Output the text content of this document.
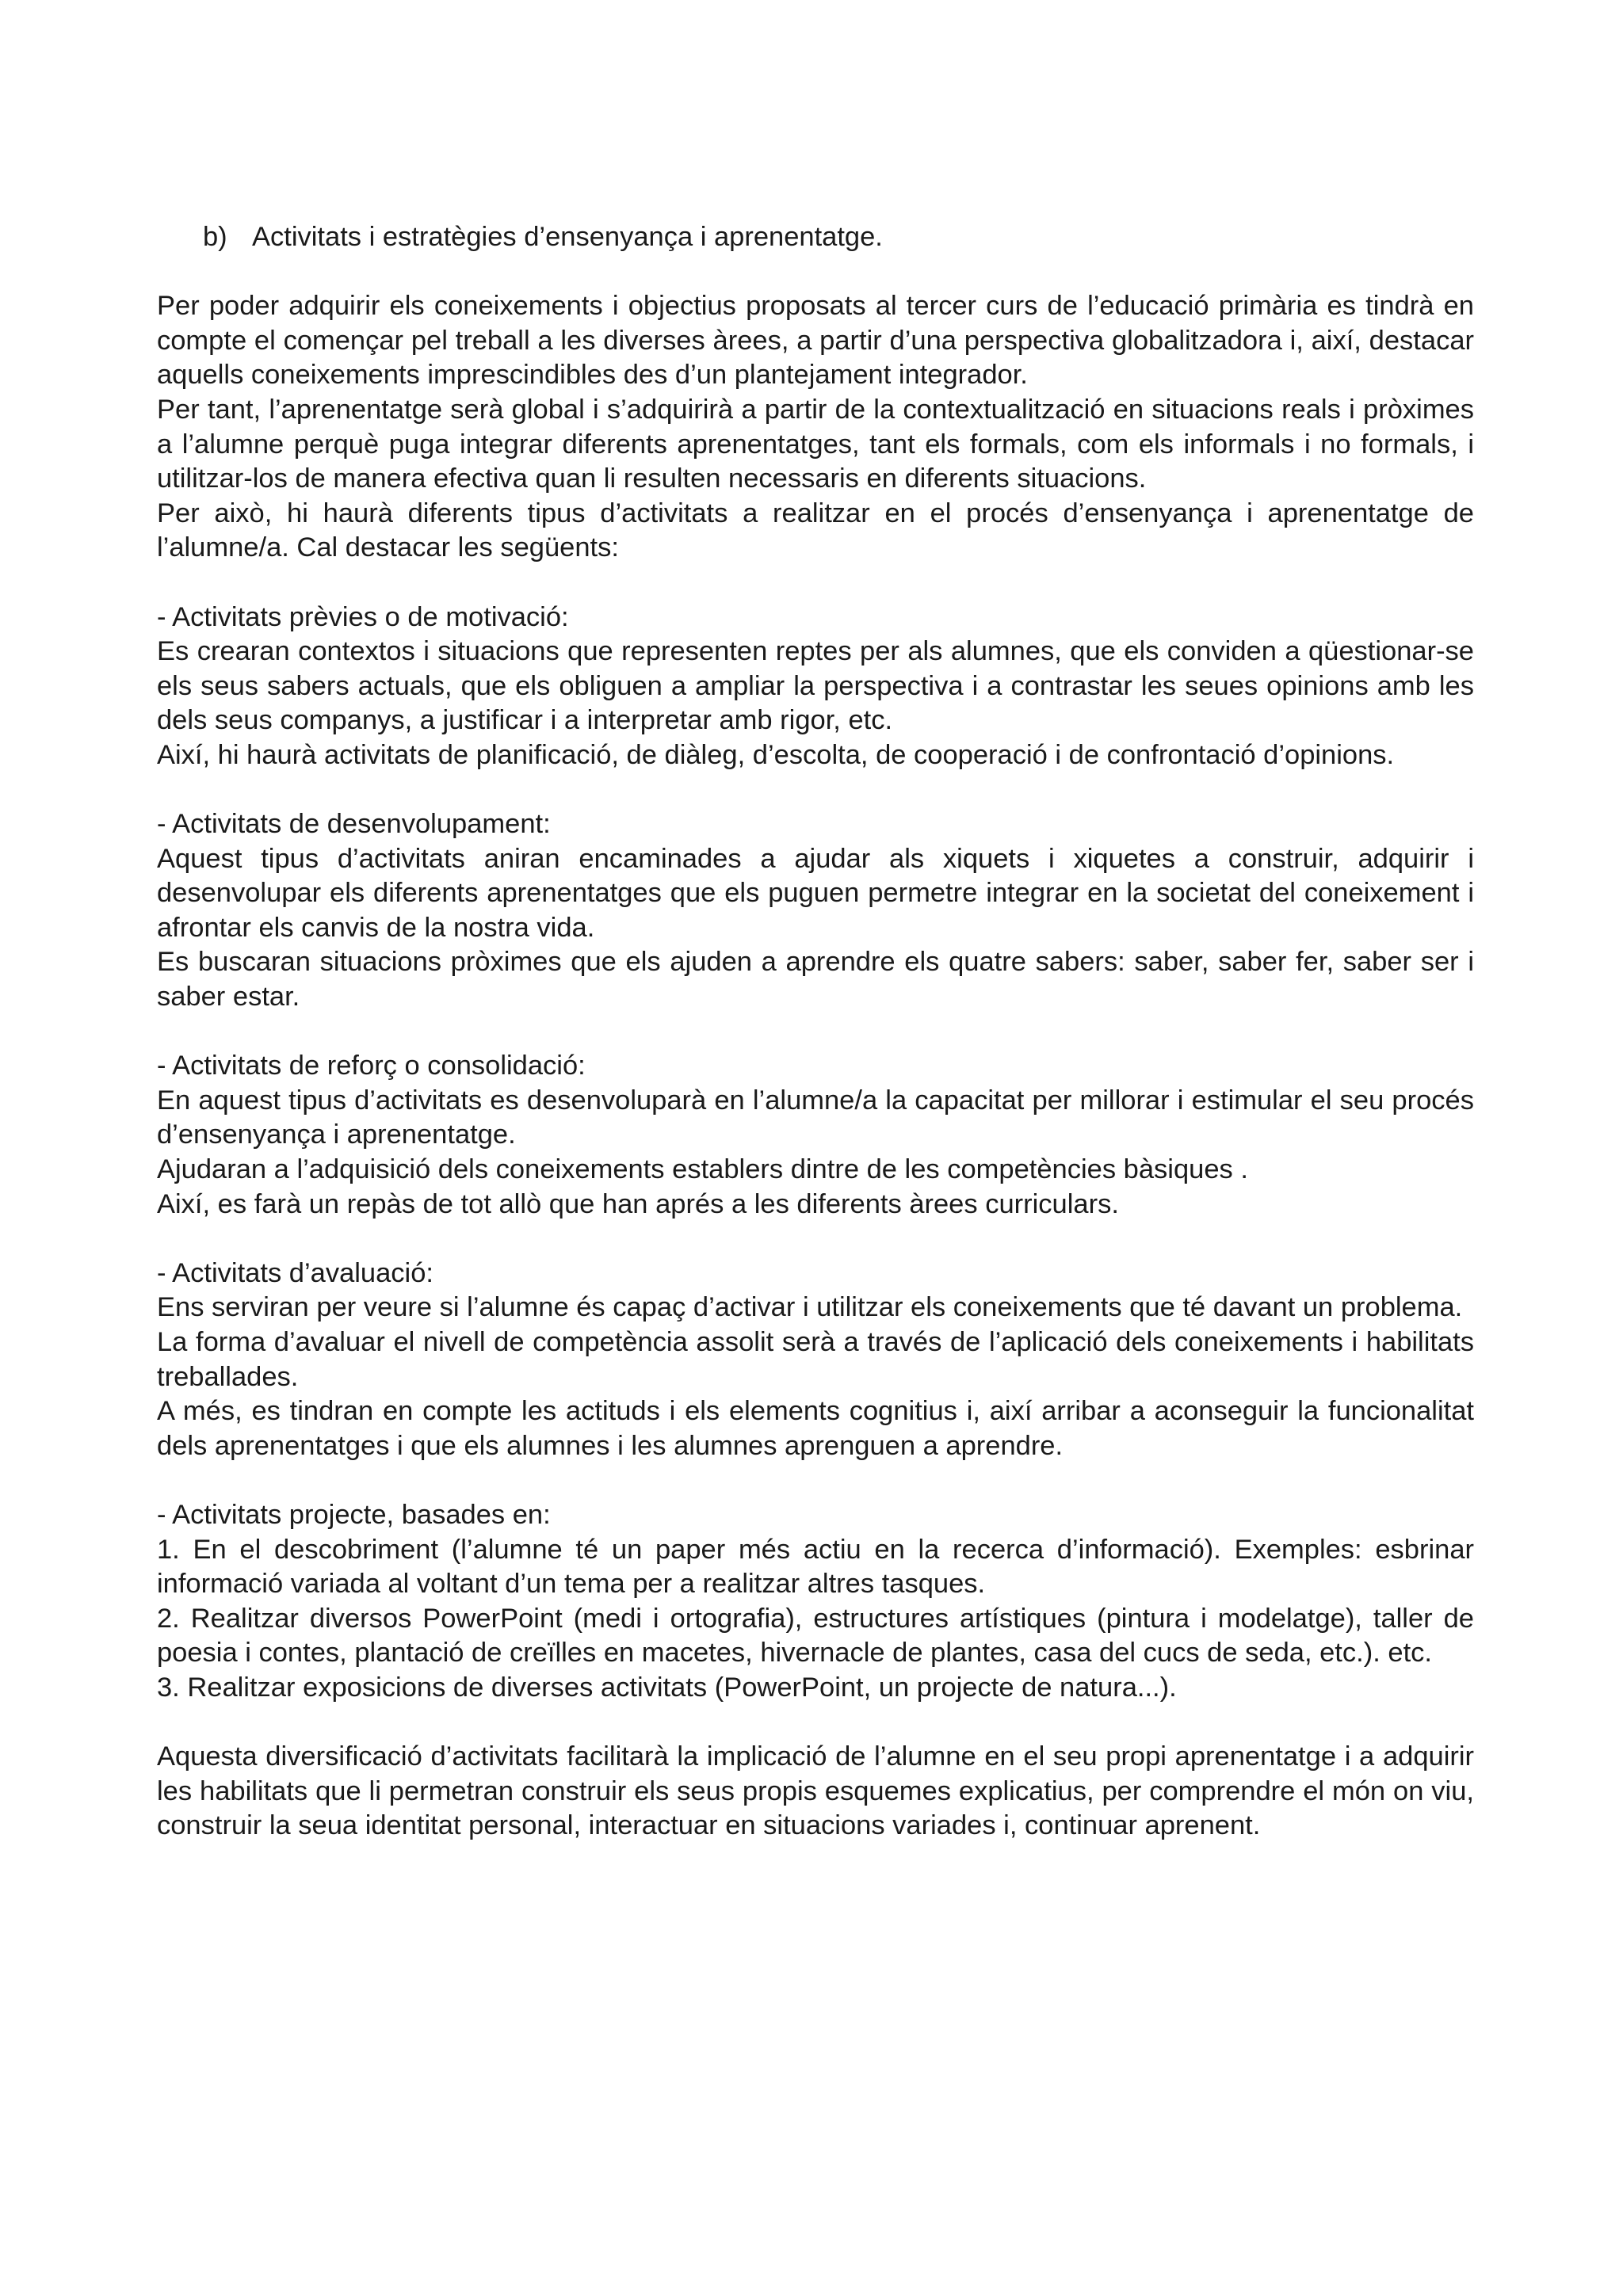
b) Activitats i estratègies d’ensenyança i aprenentatge.

Per poder adquirir els coneixements i objectius proposats al tercer curs de l’educació primària es tindrà en compte el començar pel treball a les diverses àrees, a partir d’una perspectiva globalitzadora i, així, destacar aquells coneixements imprescindibles des d’un plantejament integrador.

Per tant, l’aprenentatge serà global i s’adquirirà a partir de la contextualització en situacions reals i pròximes a l’alumne perquè puga integrar diferents aprenentatges, tant els formals, com els informals i no formals, i utilitzar-los de manera efectiva quan li resulten necessaris en diferents situacions.

Per això, hi haurà diferents tipus d’activitats a realitzar en el procés d’ensenyança i aprenentatge de l’alumne/a. Cal destacar les següents:

- Activitats prèvies o de motivació:

Es crearan contextos i situacions que representen reptes per als alumnes, que els conviden a qüestionar-se els seus sabers actuals, que els obliguen a ampliar la perspectiva i a contrastar les seues opinions amb les dels seus companys, a justificar i a interpretar amb rigor, etc.

Així, hi haurà activitats de planificació, de diàleg, d’escolta, de cooperació i de confrontació d’opinions.

- Activitats de desenvolupament:

Aquest tipus d’activitats aniran encaminades a ajudar als xiquets i xiquetes a construir, adquirir i desenvolupar els diferents aprenentatges que els puguen permetre integrar en la societat del coneixement i afrontar els canvis de la nostra vida.

Es buscaran situacions pròximes que els ajuden a aprendre els quatre sabers: saber, saber fer, saber ser i saber estar.

- Activitats de reforç o consolidació:

En aquest tipus d’activitats es desenvoluparà en l’alumne/a la capacitat per millorar i estimular el seu procés d’ensenyança i aprenentatge.

Ajudaran a l’adquisició dels coneixements establers dintre de les competències bàsiques .

Així, es farà un repàs de tot allò que han aprés a les diferents àrees curriculars.

- Activitats d’avaluació:

Ens serviran per veure si l’alumne és capaç d’activar i utilitzar els coneixements que té davant un problema.

La forma d’avaluar el nivell de competència assolit serà a través de l’aplicació dels coneixements i habilitats treballades.

A més, es tindran en compte les actituds i els elements cognitius i, així arribar a aconseguir la funcionalitat dels aprenentatges i que els alumnes i les alumnes aprenguen a aprendre.

- Activitats projecte, basades en:

1. En el descobriment (l’alumne té un paper més actiu en la recerca d’informació). Exemples: esbrinar informació variada al voltant d’un tema per a realitzar altres tasques.

2. Realitzar diversos PowerPoint (medi i ortografia), estructures artístiques (pintura i modelatge), taller de poesia i contes, plantació de creïlles en macetes, hivernacle de plantes, casa del cucs de seda, etc.). etc.

3. Realitzar exposicions de diverses activitats (PowerPoint, un projecte de natura...).

Aquesta diversificació d’activitats facilitarà la implicació de l’alumne en el seu propi aprenentatge i a adquirir les habilitats que li permetran construir els seus propis esquemes explicatius, per comprendre el món on viu, construir la seua identitat personal, interactuar en situacions variades i, continuar aprenent.
